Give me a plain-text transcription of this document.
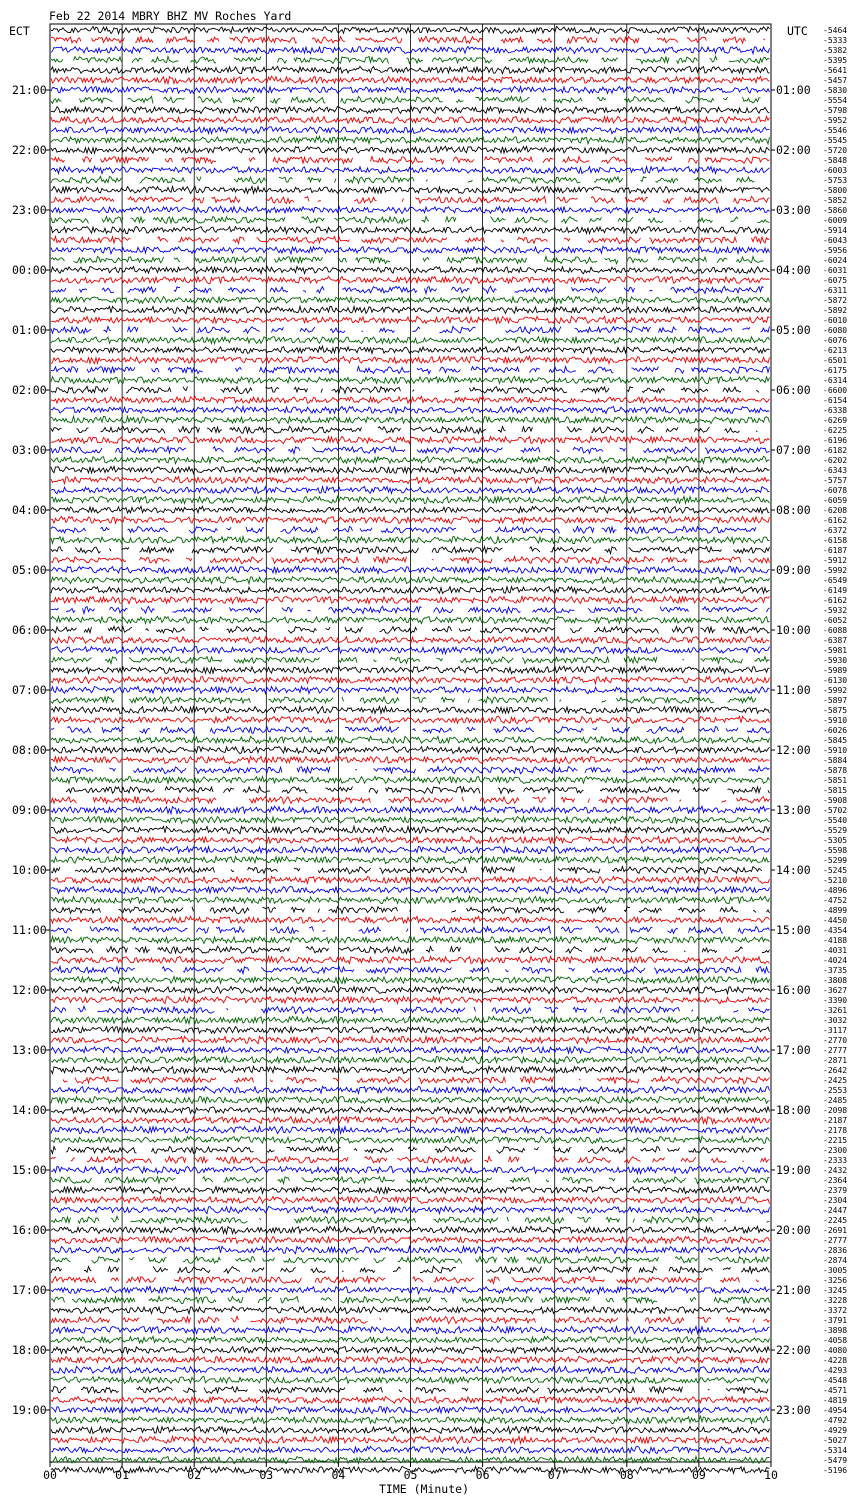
-5464
-5333
-5382
-5395
-5641
-5457
-5830
-5554
-5798
-5952
-5546
-5545
-5720
-5848
-6003
-5753
-5800
-5852
-5860
-6009
-5914
-6043
-5956
-6024
-6031
-6075
-6311
-5872
-5892
-6010
-6080
-6076
-6213
-6501
-6175
-6314
-6600
-6154
-6338
-6269
-6225
-6196
-6182
-6202
-6343
-5757
-6078
-6059
-6208
-6162
-6372
-6158
-6187
-5912
-5992
-6549
-6149
-6162
-5932
-6052
-6088
-6387
-5981
-5930
-5989
-6130
-5992
-5897
-5875
-5910
-6026
-5845
-5910
-5884
-5878
-5851
-5815
-5908
-5702
-5540
-5529
-5305
-5598
-5299
-5245
-5210
-4896
-4752
-4899
-4450
-4354
-4188
-4031
-4024
-3735
-3808
-3627
-3390
-3261
-3032
-3117
-2770
-2777
-2871
-2642
-2425
-2553
-2485
-2098
-2187
-2178
-2215
-2300
-2333
-2432
-2364
-2379
-2304
-2447
-2245
-2691
-2777
-2836
-2874
-3005
-3256
-3245
-3228
-3372
-3791
-3898
-4058
-4080
-4228
-4293
-4548
-4571
-4819
-4954
-4792
-4929
-5027
-5314
-5479
-5196
21:00
22:00
23:00
00:00
01:00
02:00
03:00
04:00
05:00
06:00
07:00
08:00
09:00
10:00
11:00
12:00
13:00
14:00
15:00
16:00
17:00
18:00
19:00
01:00
02:00
03:00
04:00
05:00
06:00
07:00
08:00
09:00
10:00
11:00
12:00
13:00
14:00
15:00
16:00
17:00
18:00
19:00
20:00
21:00
22:00
23:00
00	01	02	03	04	05	06	07	08	09	10
Feb 22 2014 MBRY BHZ MV Roches Yard
ECT	UTC
TIME (Minute)
